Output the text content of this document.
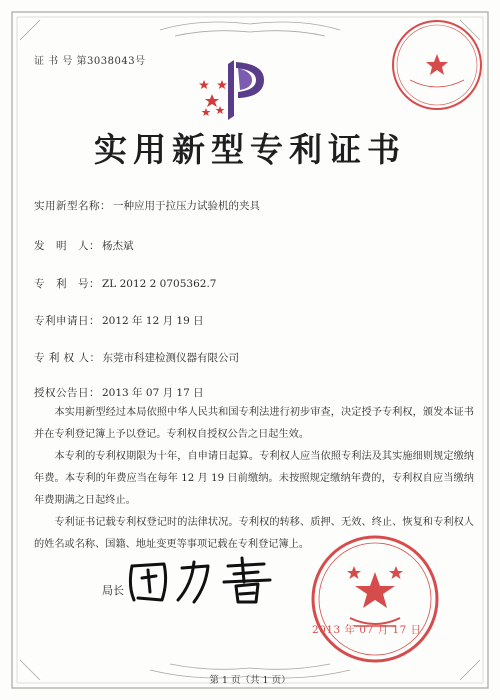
证 书 号 第3038043号
实用新型专利证书
实用新型名称： 一种应用于拉压力试验机的夹具
发　明　人： 杨杰斌
专　利　号： ZL 2012 2 0705362.7
专利申请日： 2012 年 12 月 19 日
专 利 权 人： 东莞市科建检测仪器有限公司
授权公告日： 2013 年 07 月 17 日
本实用新型经过本局依照中华人民共和国专利法进行初步审查，决定授予专利权，颁发本证书并在专利登记簿上予以登记。专利权自授权公告之日起生效。
本专利的专利权期限为十年，自申请日起算。专利权人应当依照专利法及其实施细则规定缴纳年费。本专利的年费应当在每年 12 月 19 日前缴纳。未按照规定缴纳年费的，专利权自应当缴纳年费期满之日起终止。
专利证书记载专利权登记时的法律状况。专利权的转移、质押、无效、终止、恢复和专利权人的姓名或名称、国籍、地址变更等事项记载在专利登记簿上。
局长
2013 年 07 月 17 日
第 1 页（共 1 页）
